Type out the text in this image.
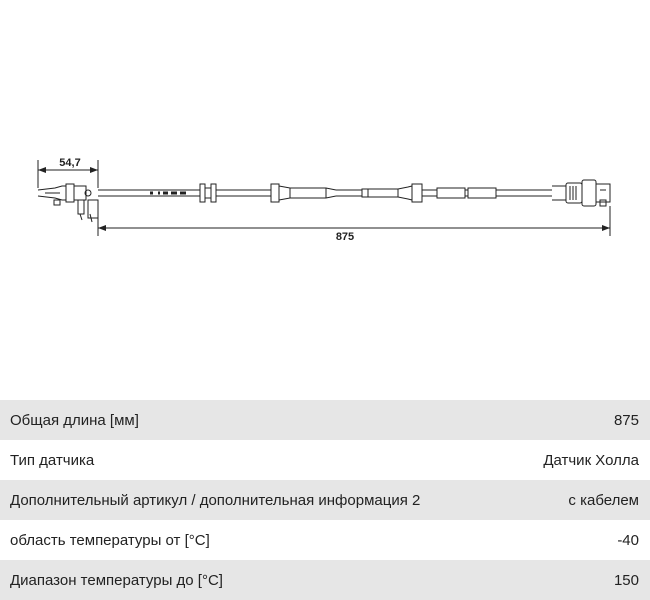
54,7
875
Общая длина [мм]	875
Тип датчика	Датчик Холла
Дополнительный артикул / дополнительная информация 2	с кабелем
область температуры от [°C]	-40
Диапазон температуры до [°C]	150
